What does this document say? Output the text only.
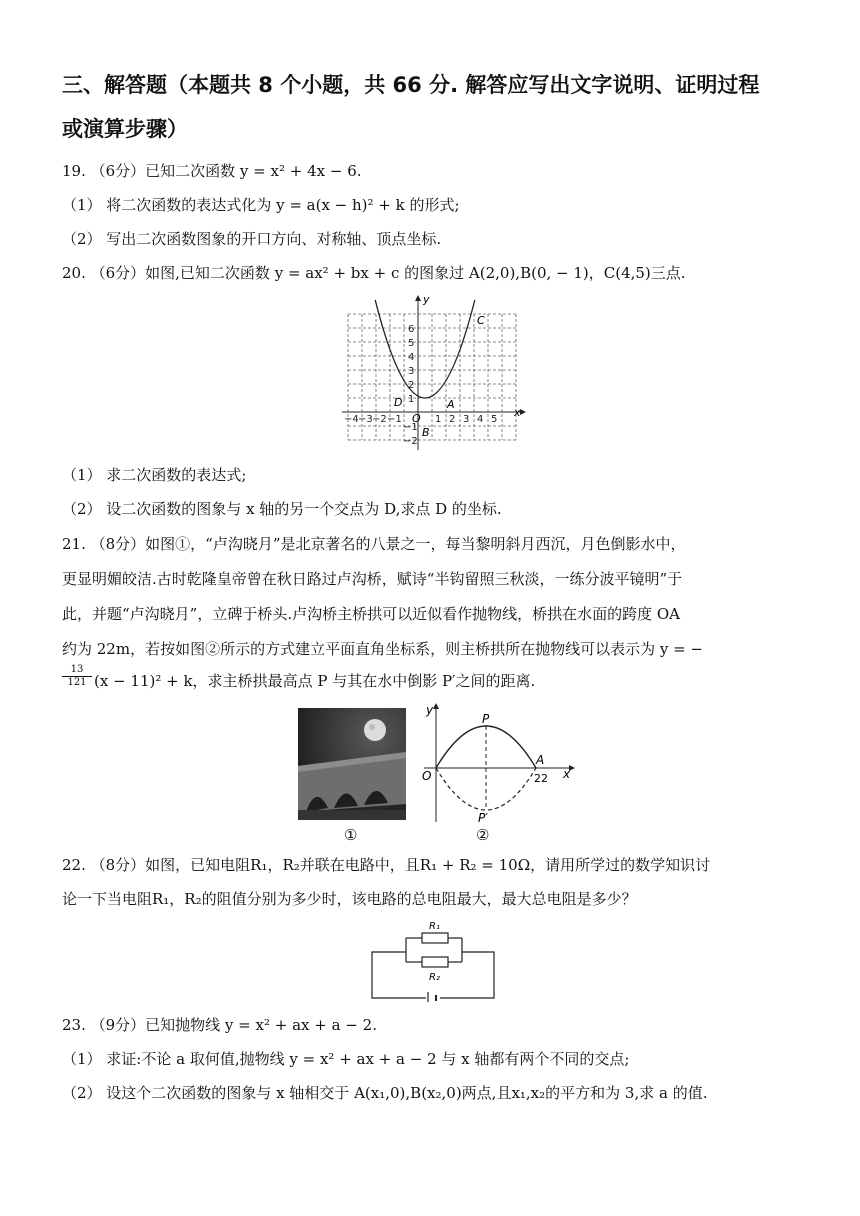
三、解答题（本题共 8 个小题，共 66 分. 解答应写出文字说明、证明过程
或演算步骤）
19. （6分）已知二次函数 y = x² + 4x − 6.
（1） 将二次函数的表达式化为 y = a(x − h)² + k 的形式;
（2） 写出二次函数图象的开口方向、对称轴、顶点坐标.
20. （6分）如图,已知二次函数 y = ax² + bx + c 的图象过 A(2,0),B(0, − 1)，C(4,5)三点.
x
y
6
5
4
3
2
1
−1
−2
−4 −3 −2 −1	1 2 3 4 5
O
A
B
C
D
（1） 求二次函数的表达式;
（2） 设二次函数的图象与 x 轴的另一个交点为 D,求点 D 的坐标.
21. （8分）如图①，“卢沟晓月”是北京著名的八景之一，每当黎明斜月西沉，月色倒影水中，
更显明媚皎洁.古时乾隆皇帝曾在秋日路过卢沟桥，赋诗“半钩留照三秋淡，一练分波平镜明”于
此，并题“卢沟晓月”，立碑于桥头.卢沟桥主桥拱可以近似看作抛物线，桥拱在水面的跨度 OA
约为 22m，若按如图②所示的方式建立平面直角坐标系，则主桥拱所在抛物线可以表示为 y = −
$\frac{13}{121} (x - 11)^2 + k$，求主桥拱最高点 P 与其在水中倒影 P′之间的距离.
①
x
y
O
P
P′
A
22
②
22. （8分）如图，已知电阻R₁，R₂并联在电路中，且R₁ + R₂ = 10Ω，请用所学过的数学知识讨
论一下当电阻R₁，R₂的阻值分别为多少时，该电路的总电阻最大，最大总电阻是多少？
R₁
R₂
23. （9分）已知抛物线 y = x² + ax + a − 2.
（1） 求证:不论 a 取何值,抛物线 y = x² + ax + a − 2 与 x 轴都有两个不同的交点;
（2） 设这个二次函数的图象与 x 轴相交于 A(x₁,0),B(x₂,0)两点,且x₁,x₂的平方和为 3,求 a 的值.
